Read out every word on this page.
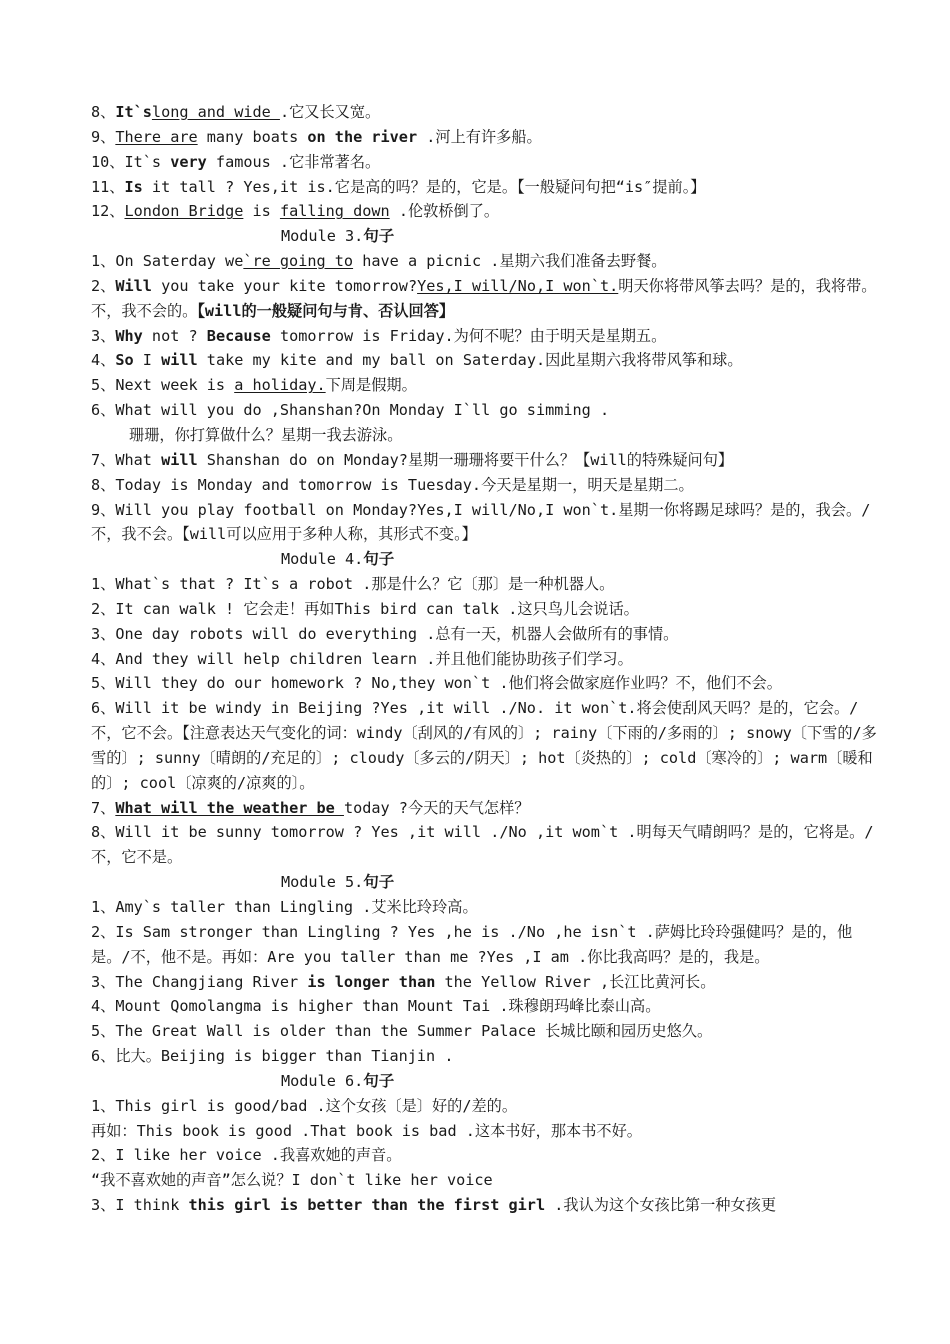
8、It`slong and wide .它又长又宽。
9、There are many boats on the river .河上有许多船。
10、It`s very famous .它非常著名。
11、Is it tall ? Yes,it is.它是高的吗？是的，它是。【一般疑问句把“is″提前。】
12、London Bridge is falling down .伦敦桥倒了。
Module 3.句子
1、On Saterday we`re going to have a picnic .星期六我们准备去野餐。
2、Will you take your kite tomorrow?Yes,I will/No,I won`t.明天你将带风筝去吗？是的，我将带。不，我不会的。【will的一般疑问句与肯、否认回答】
3、Why not ? Because tomorrow is Friday.为何不呢？由于明天是星期五。
4、So I will take my kite and my ball on Saterday.因此星期六我将带风筝和球。
5、Next week is a holiday.下周是假期。
6、What will you do ,Shanshan?On Monday I`ll go simming .
珊珊，你打算做什么？星期一我去游泳。
7、What will Shanshan do on Monday?星期一珊珊将要干什么？【will的特殊疑问句】
8、Today is Monday and tomorrow is Tuesday.今天是星期一，明天是星期二。
9、Will you play football on Monday?Yes,I will/No,I won`t.星期一你将踢足球吗？是的，我会。/不，我不会。【will可以应用于多种人称，其形式不变。】
Module 4.句子
1、What`s that ? It`s a robot .那是什么？它〔那〕是一种机器人。
2、It can walk ! 它会走！再如This bird can talk .这只鸟儿会说话。
3、One day robots will do everything .总有一天，机器人会做所有的事情。
4、And they will help children learn .并且他们能协助孩子们学习。
5、Will they do our homework ? No,they won`t .他们将会做家庭作业吗？不，他们不会。
6、Will it be windy in Beijing ?Yes ,it will ./No. it won`t.将会使刮风天吗？是的，它会。/不，它不会。【注意表达天气变化的词：windy〔刮风的/有风的〕; rainy〔下雨的/多雨的〕; snowy〔下雪的/多雪的〕; sunny〔晴朗的/充足的〕; cloudy〔多云的/阴天〕; hot〔炎热的〕; cold〔寒冷的〕; warm〔暖和的〕; cool〔凉爽的/凉爽的〕。
7、What will the weather be today ?今天的天气怎样？
8、Will it be sunny tomorrow ? Yes ,it will ./No ,it wom`t .明每天气晴朗吗？是的，它将是。/不，它不是。
Module 5.句子
1、Amy`s taller than Lingling .艾米比玲玲高。
2、Is Sam stronger than Lingling ? Yes ,he is ./No ,he isn`t .萨姆比玲玲强健吗？是的，他是。/不，他不是。再如：Are you taller than me ?Yes ,I am .你比我高吗？是的，我是。
3、The Changjiang River is longer than the Yellow River ,长江比黄河长。
4、Mount Qomolangma is higher than Mount Tai .珠穆朗玛峰比泰山高。
5、The Great Wall is older than the Summer Palace 长城比颐和园历史悠久。
6、比大。Beijing is bigger than Tianjin .
Module 6.句子
1、This girl is good/bad .这个女孩〔是〕好的/差的。
再如：This book is good .That book is bad .这本书好，那本书不好。
2、I like her voice .我喜欢她的声音。
“我不喜欢她的声音”怎么说？I don`t like her voice
3、I think this girl is better than the first girl .我认为这个女孩比第一种女孩更
